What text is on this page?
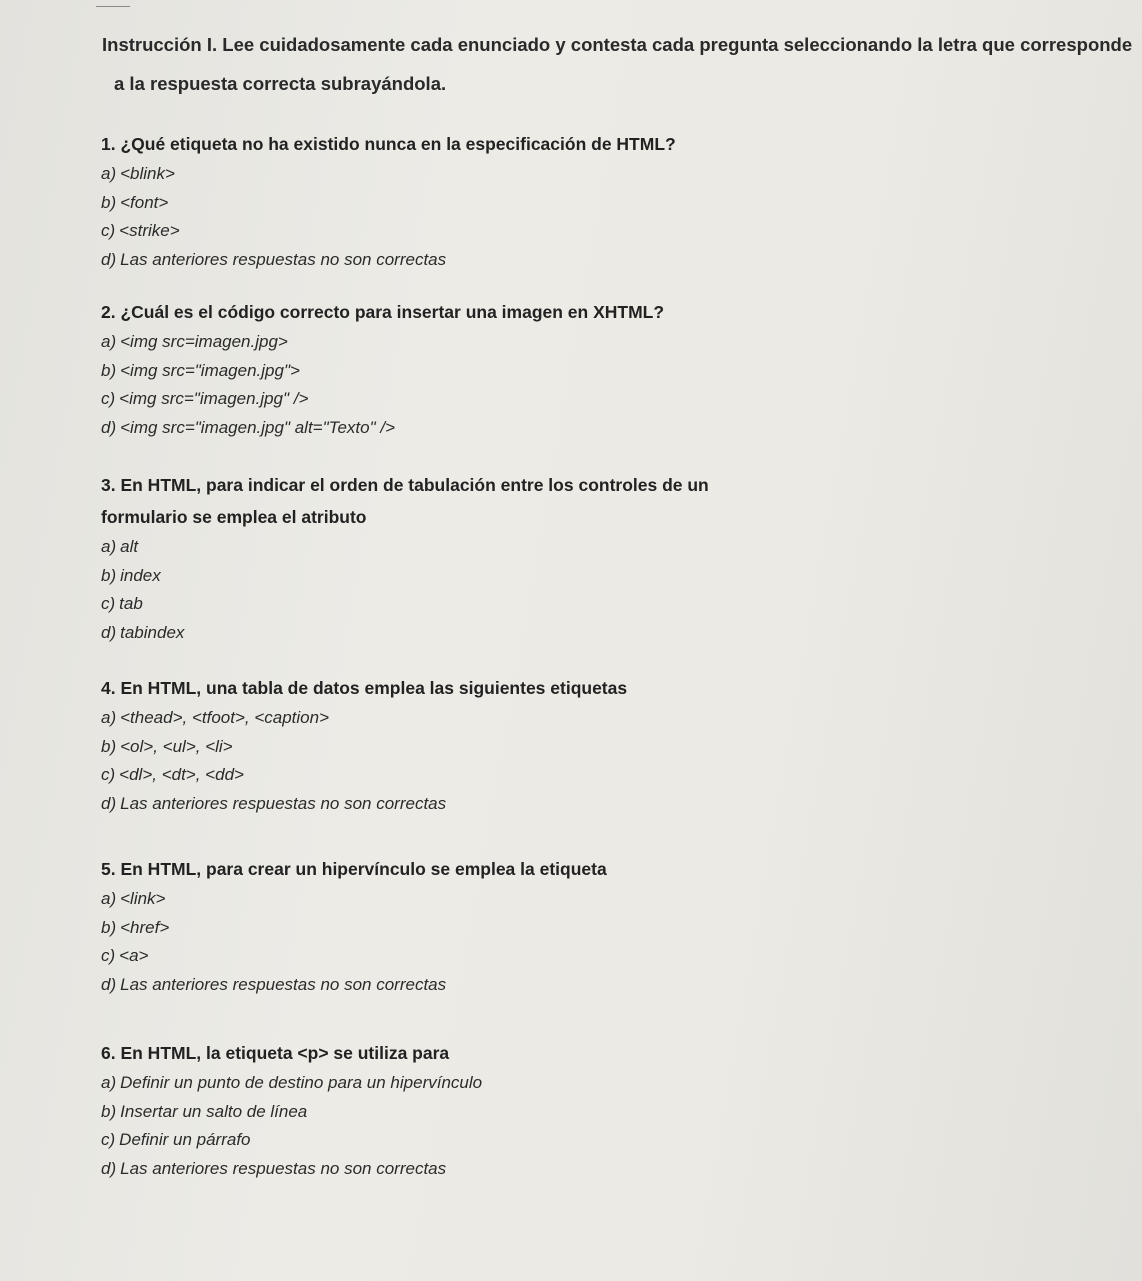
Instrucción I. Lee cuidadosamente cada enunciado y contesta cada pregunta seleccionando la letra que corresponde
a la respuesta correcta subrayándola.
1. ¿Qué etiqueta no ha existido nunca en la especificación de HTML?
a) <blink>
b) <font>
c) <strike>
d) Las anteriores respuestas no son correctas
2. ¿Cuál es el código correcto para insertar una imagen en XHTML?
a) <img src=imagen.jpg>
b) <img src="imagen.jpg">
c) <img src="imagen.jpg" />
d) <img src="imagen.jpg" alt="Texto" />
3. En HTML, para indicar el orden de tabulación entre los controles de un
formulario se emplea el atributo
a) alt
b) index
c) tab
d) tabindex
4. En HTML, una tabla de datos emplea las siguientes etiquetas
a) <thead>, <tfoot>, <caption>
b) <ol>, <ul>, <li>
c) <dl>, <dt>, <dd>
d) Las anteriores respuestas no son correctas
5. En HTML, para crear un hipervínculo se emplea la etiqueta
a) <link>
b) <href>
c) <a>
d) Las anteriores respuestas no son correctas
6. En HTML, la etiqueta <p> se utiliza para
a) Definir un punto de destino para un hipervínculo
b) Insertar un salto de línea
c) Definir un párrafo
d) Las anteriores respuestas no son correctas
